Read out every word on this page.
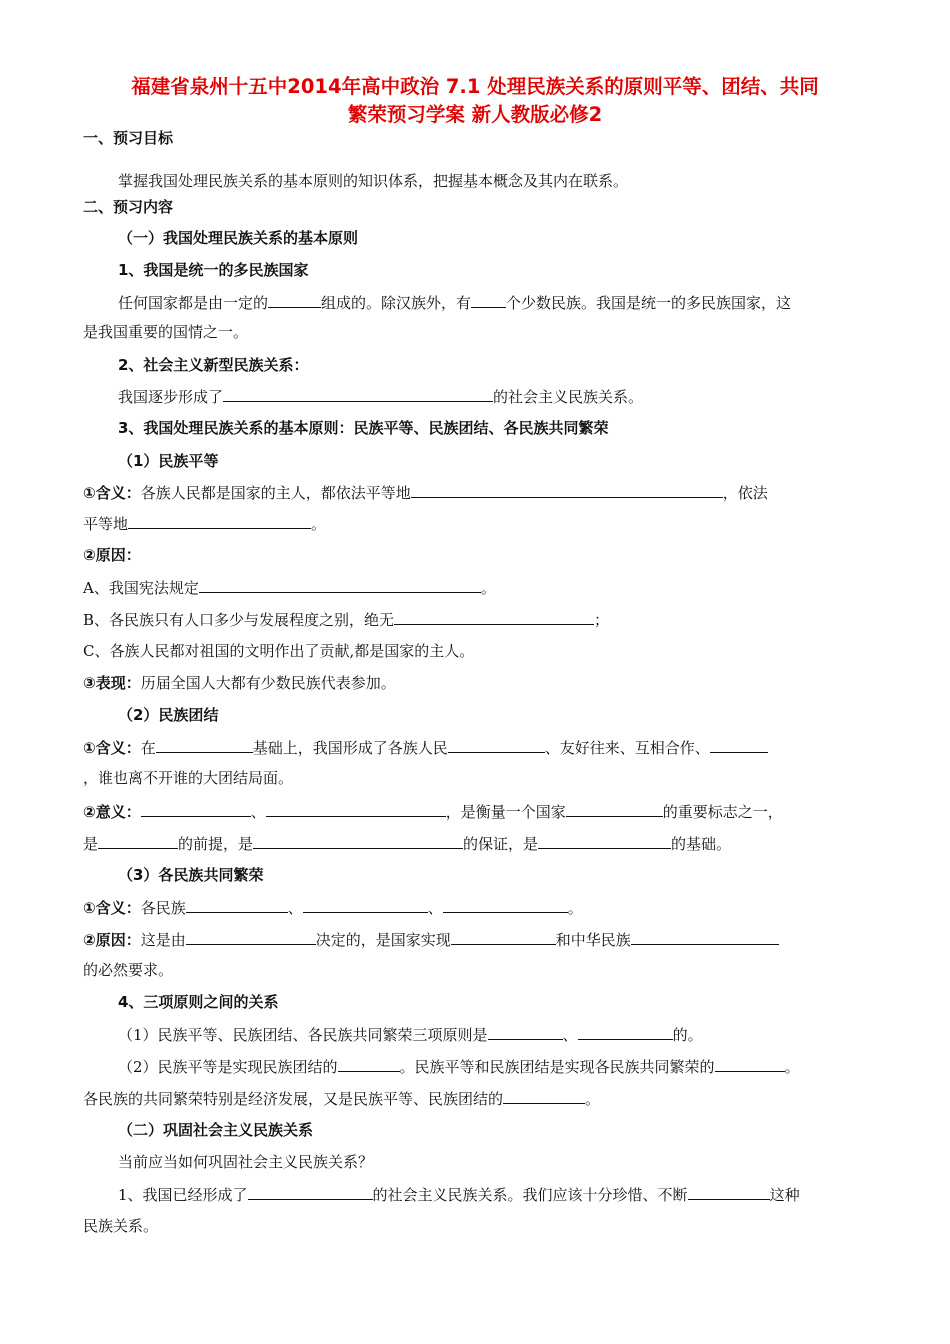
福建省泉州十五中2014年高中政治 7.1 处理民族关系的原则平等、团结、共同
繁荣预习学案 新人教版必修2
一、预习目标
掌握我国处理民族关系的基本原则的知识体系，把握基本概念及其内在联系。
二、预习内容
（一）我国处理民族关系的基本原则
1、我国是统一的多民族国家
任何国家都是由一定的	组成的。除汉族外，有 个少数民族。我国是统一的多民族国家，这
是我国重要的国情之一。
2、社会主义新型民族关系：
我国逐步形成了	的社会主义民族关系。
3、我国处理民族关系的基本原则：民族平等、民族团结、各民族共同繁荣
（1）民族平等
①含义：各族人民都是国家的主人，都依法平等地	，依法
平等地	。
②原因：
A、我国宪法规定	。
B、各民族只有人口多少与发展程度之别，绝无	；
C、各族人民都对祖国的文明作出了贡献,都是国家的主人。
③表现：历届全国人大都有少数民族代表参加。
（2）民族团结
①含义：在	基础上，我国形成了各族人民	、友好往来、互相合作、
，谁也离不开谁的大团结局面。
②意义：	、	，是衡量一个国家	的重要标志之一，
是	的前提，是	的保证，是	的基础。
（3）各民族共同繁荣
①含义：各民族	、	、	。
②原因：这是由	决定的，是国家实现	和中华民族
的必然要求。
4、三项原则之间的关系
（1）民族平等、民族团结、各民族共同繁荣三项原则是	、	的。
（2）民族平等是实现民族团结的	。民族平等和民族团结是实现各民族共同繁荣的	。
各民族的共同繁荣特别是经济发展，又是民族平等、民族团结的	。
（二）巩固社会主义民族关系
当前应当如何巩固社会主义民族关系？
1、我国已经形成了	的社会主义民族关系。我们应该十分珍惜、不断	这种
民族关系。
